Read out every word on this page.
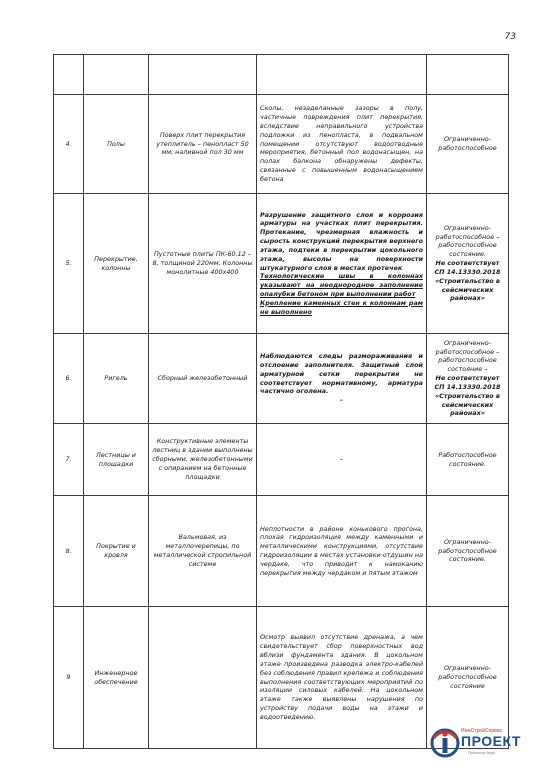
73

4.	Полы	Поверх плит перекрытия утеплитель – пенопласт 50 мм, наливной пол 30 мм	Сколы, незаделанные зазоры в полу, частичные повреждения плит перекрытия, вследствие неправильного устройства подложки из пенопласта, в подвальном помещении отсутствуют водоотводные мероприятия, бетонный пол водонасыщен, на полах балкона обнаружены дефекты, связанные с повышенным водонасыщением бетона	Ограниченно-работоспособное
5.	Перекрытие, колонны	Пустотные плиты ПК-60.12 –8, толщиной 220мм, Колонны монолитные 400х400	Разрушение защитного слоя и коррозия арматуры на участках плит перекрытия. Протекание, чрезмерная влажность и сырость конструкций перекрытия верхнего этажа, подтеки в перекрытии цокольного этажа, высолы на поверхности штукатурного слоя в местах протечек
Технологические швы в колоннах указывают на неоднородное заполнение опалубки бетоном при выполнении работ
Крепление каменных стен к колоннам рам не выполнено	Ограниченно-работоспособное – работоспособное состояние.
Не соответствует СП 14.13330.2018 «Строительство в сейсмических районах»
6.	Ригель	Сборный железобетонный	Наблюдаются следы размораживания и отслоение заполнителя. Защитный слой арматурной сетки перекрытия не соответствует нормативному, арматура частично оголена.
–	Ограниченно-работоспособное – работоспособное состояние –
Не соответствует СП 14.13330.2018 «Строительство в сейсмических районах»
7.	Лестницы и площадки	Конструктивные элементы лестниц в здании выполнены сборными, железобетонными с опиранием на бетонные площадки	–	Работоспособное состояние.
8.	Покрытие и кровля	Вальмовая, из металлочерепицы, по металлической стропильной системе	Неплотности в районе конькового прогона, плохая гидроизоляция между каменными и металлическими конструкциями, отсутствие гидроизоляции в местах установки отдушин на чердаке, что приводит к намоканию перекрытия между чердаком и пятым этажом	Ограниченно-работоспособное состояние.
9	Инженерное обеспечение		Осмотр выявил отсутствие дренажа, а чем свидетельствует сбор поверхностных вод вблизи фундамента здания. В цокольном этаже произведена разводка электро-кабелей без соблюдения правил крепежа и соблюдения выполнения соответствующих мероприятий по изоляции силовых кабелей. На цокольном этаже также выявлены нарушения по устройству подачи воды на этажи и водоотведению.	Ограниченно-работоспособное состояние
ИнжСтройСервис
ПРОЕКТ
Проектное бюро
